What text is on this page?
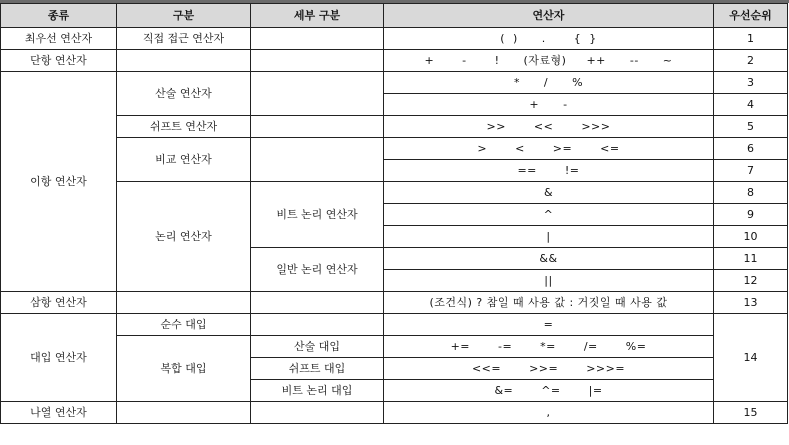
종류	구분	세부 구분	연산자	우선순위
최우선 연산자	직접 접근 연산자		(  )      .       {  }	1
단항 연산자			+       -       !      (자료형)     ++      --      ~	2
이항 연산자	산술 연산자		*      /      %	3
			+      -	4
	쉬프트 연산자		>>       <<       >>>	5
	비교 연산자		>       <       >=       <=	6
			==       !=	7
	논리 연산자	비트 논리 연산자	&	8
			^	9
			|	10
		일반 논리 연산자	&&	11
			||	12
삼항 연산자			(조건식) ? 참일 때 사용 값 : 거짓일 때 사용 값	13
대입 연산자	순수 대입		=	14
	복합 대입	산술 대입	+=       -=       *=       /=       %=	
		쉬프트 대입	<<=       >>=       >>>=	
		비트 논리 대입	&=       ^=       |=	
나열 연산자			,	15
